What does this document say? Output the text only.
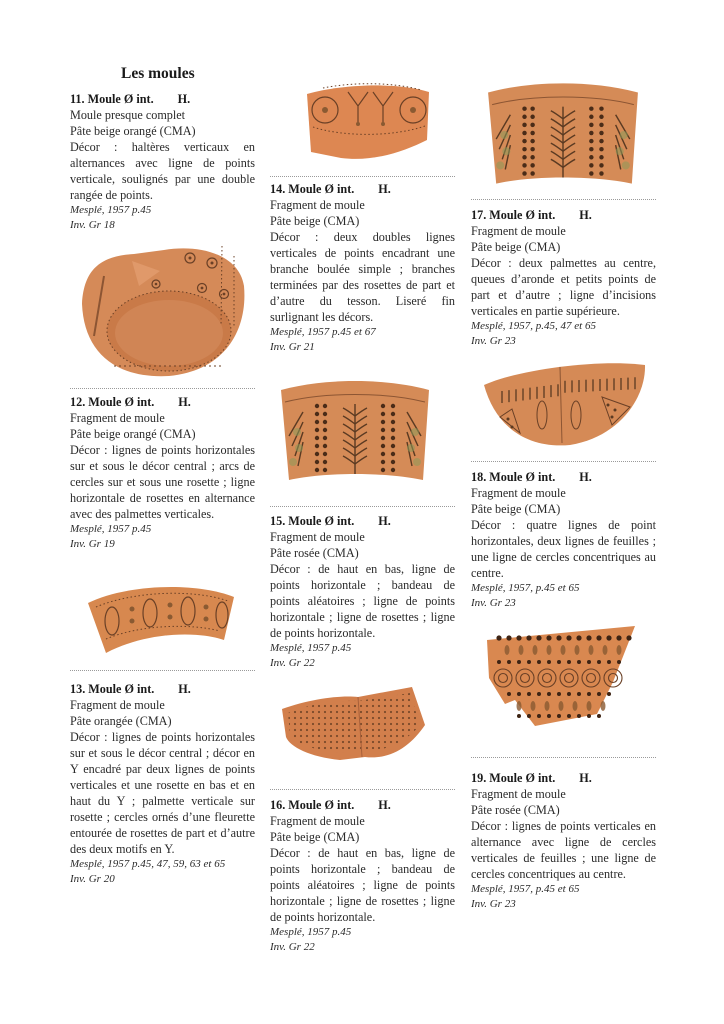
Les moules
11. Moule Ø int. H.
Moule presque complet
Pâte beige orangé (CMA)
Décor : haltères verticaux en alternances avec ligne de points verticale, soulignés par une double rangée de points.
Mesplé, 1957 p.45
Inv. Gr 18
12. Moule Ø int. H.
Fragment de moule
Pâte beige orangé (CMA)
Décor : lignes de points horizontales sur et sous le décor central ; arcs de cercles sur et sous une rosette ; ligne horizontale de rosettes en alternance avec des palmettes verticales.
Mesplé, 1957 p.45
Inv. Gr 19
13. Moule Ø int. H.
Fragment de moule
Pâte orangée (CMA)
Décor : lignes de points horizontales sur et sous le décor central ; décor en Y encadré par deux lignes de points verticales et une rosette en bas et en haut du Y ; palmette verticale sur rosette ; cercles ornés d’une fleurette entourée de rosettes de part et d’autre des deux motifs en Y.
Mesplé, 1957 p.45, 47, 59, 63 et 65
Inv. Gr 20
14. Moule Ø int. H.
Fragment de moule
Pâte beige (CMA)
Décor : deux doubles lignes verticales de points encadrant une branche boulée simple ; branches terminées par des rosettes de part et d’autre du tesson. Liseré fin surlignant les décors.
Mesplé, 1957 p.45 et 67
Inv. Gr 21
15. Moule Ø int. H.
Fragment de moule
Pâte rosée (CMA)
Décor : de haut en bas, ligne de points horizontale ; bandeau de points aléatoires ; ligne de points horizontale ; ligne de rosettes ; ligne de points horizontale.
Mesplé, 1957 p.45
Inv. Gr 22
16. Moule Ø int. H.
Fragment de moule
Pâte beige (CMA)
Décor : de haut en bas, ligne de points horizontale ; bandeau de points aléatoires ; ligne de points horizontale ; ligne de rosettes ; ligne de points horizontale.
Mesplé, 1957 p.45
Inv. Gr 22
17. Moule Ø int. H.
Fragment de moule
Pâte beige (CMA)
Décor : deux palmettes au centre, queues d’aronde et petits points de part et d’autre ; ligne d’incisions verticales en partie supérieure.
Mesplé, 1957, p.45, 47 et 65
Inv. Gr 23
18. Moule Ø int. H.
Fragment de moule
Pâte beige (CMA)
Décor : quatre lignes de point horizontales, deux lignes de feuilles ; une ligne de cercles concentriques au centre.
Mesplé, 1957, p.45 et 65
Inv. Gr 23
19. Moule Ø int. H.
Fragment de moule
Pâte rosée (CMA)
Décor : lignes de points verticales en alternance avec ligne de cercles verticales de feuilles ; une ligne de cercles concentriques au centre.
Mesplé, 1957, p.45 et 65
Inv. Gr 23
